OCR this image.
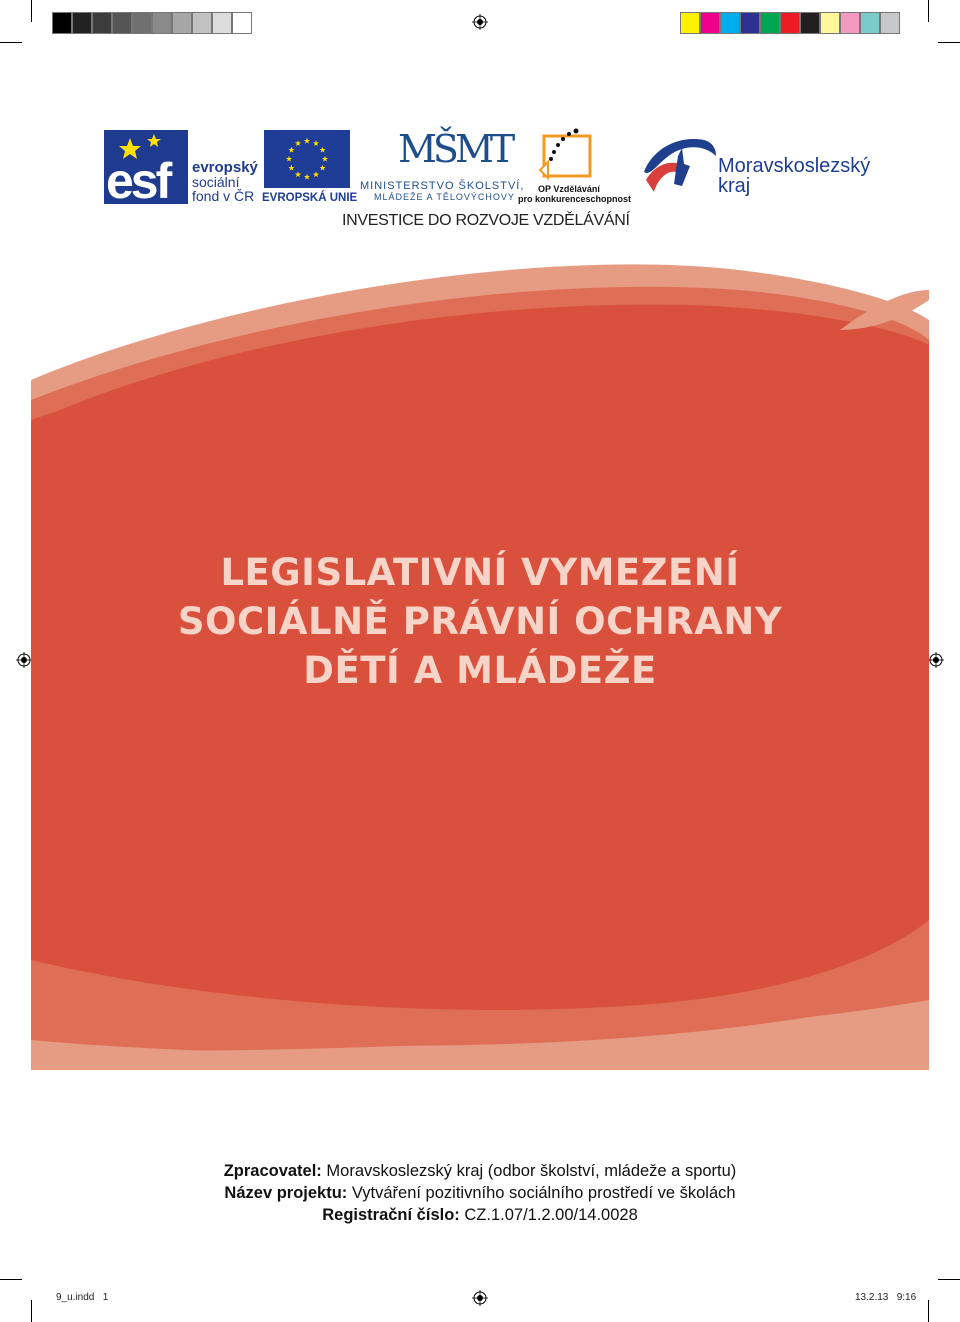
esf evropský
sociální
fond v ČR EVROPSKÁ UNIE
MŠMT
MINISTERSTVO ŠKOLSTVÍ,
MLÁDEŽE A TĚLOVÝCHOVY
OP Vzdělávání
pro konkurenceschopnost
Moravskoslezský
kraj
INVESTICE DO ROZVOJE VZDĚLÁVÁNÍ
LEGISLATIVNÍ VYMEZENÍ
SOCIÁLNĚ PRÁVNÍ OCHRANY
DĚTÍ A MLÁDEŽE
Zpracovatel: Moravskoslezský kraj (odbor školství, mládeže a sportu)
Název projektu: Vytváření pozitivního sociálního prostředí ve školách
Registrační číslo: CZ.1.07/1.2.00/14.0028
9_u.indd   1	13.2.13   9:16
